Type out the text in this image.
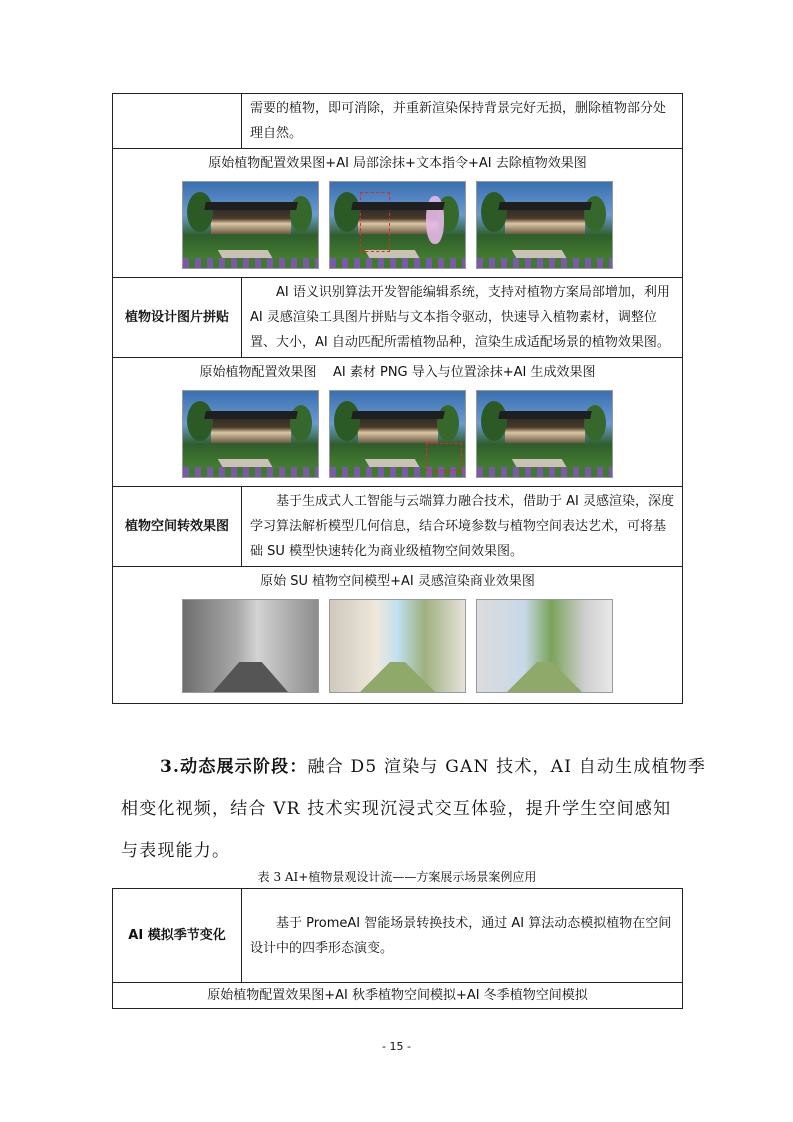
	需要的植物，即可消除，并重新渲染保持背景完好无损，删除植物部分处理自然。

原始植物配置效果图+AI 局部涂抹+文本指令+AI 去除植物效果图	

植物设计图片拼贴	AI 语义识别算法开发智能编辑系统，支持对植物方案局部增加，利用 AI 灵感渲染工具图片拼贴与文本指令驱动，快速导入植物素材，调整位置、大小，AI 自动匹配所需植物品种，渲染生成适配场景的植物效果图。

原始植物配置效果图    AI 素材 PNG 导入与位置涂抹+AI 生成效果图	

植物空间转效果图	基于生成式人工智能与云端算力融合技术，借助于 AI 灵感渲染，深度学习算法解析模型几何信息，结合环境参数与植物空间表达艺术，可将基础 SU 模型快速转化为商业级植物空间效果图。

原始 SU 植物空间模型+AI 灵感渲染商业效果图	
3.动态展示阶段：融合 D5 渲染与 GAN 技术，AI 自动生成植物季
相变化视频，结合 VR 技术实现沉浸式交互体验，提升学生空间感知
与表现能力。
表 3 AI+植物景观设计流——方案展示场景案例应用
AI 模拟季节变化	基于 PromeAI 智能场景转换技术，通过 AI 算法动态模拟植物在空间设计中的四季形态演变。
原始植物配置效果图+AI 秋季植物空间模拟+AI 冬季植物空间模拟
- 15 -
